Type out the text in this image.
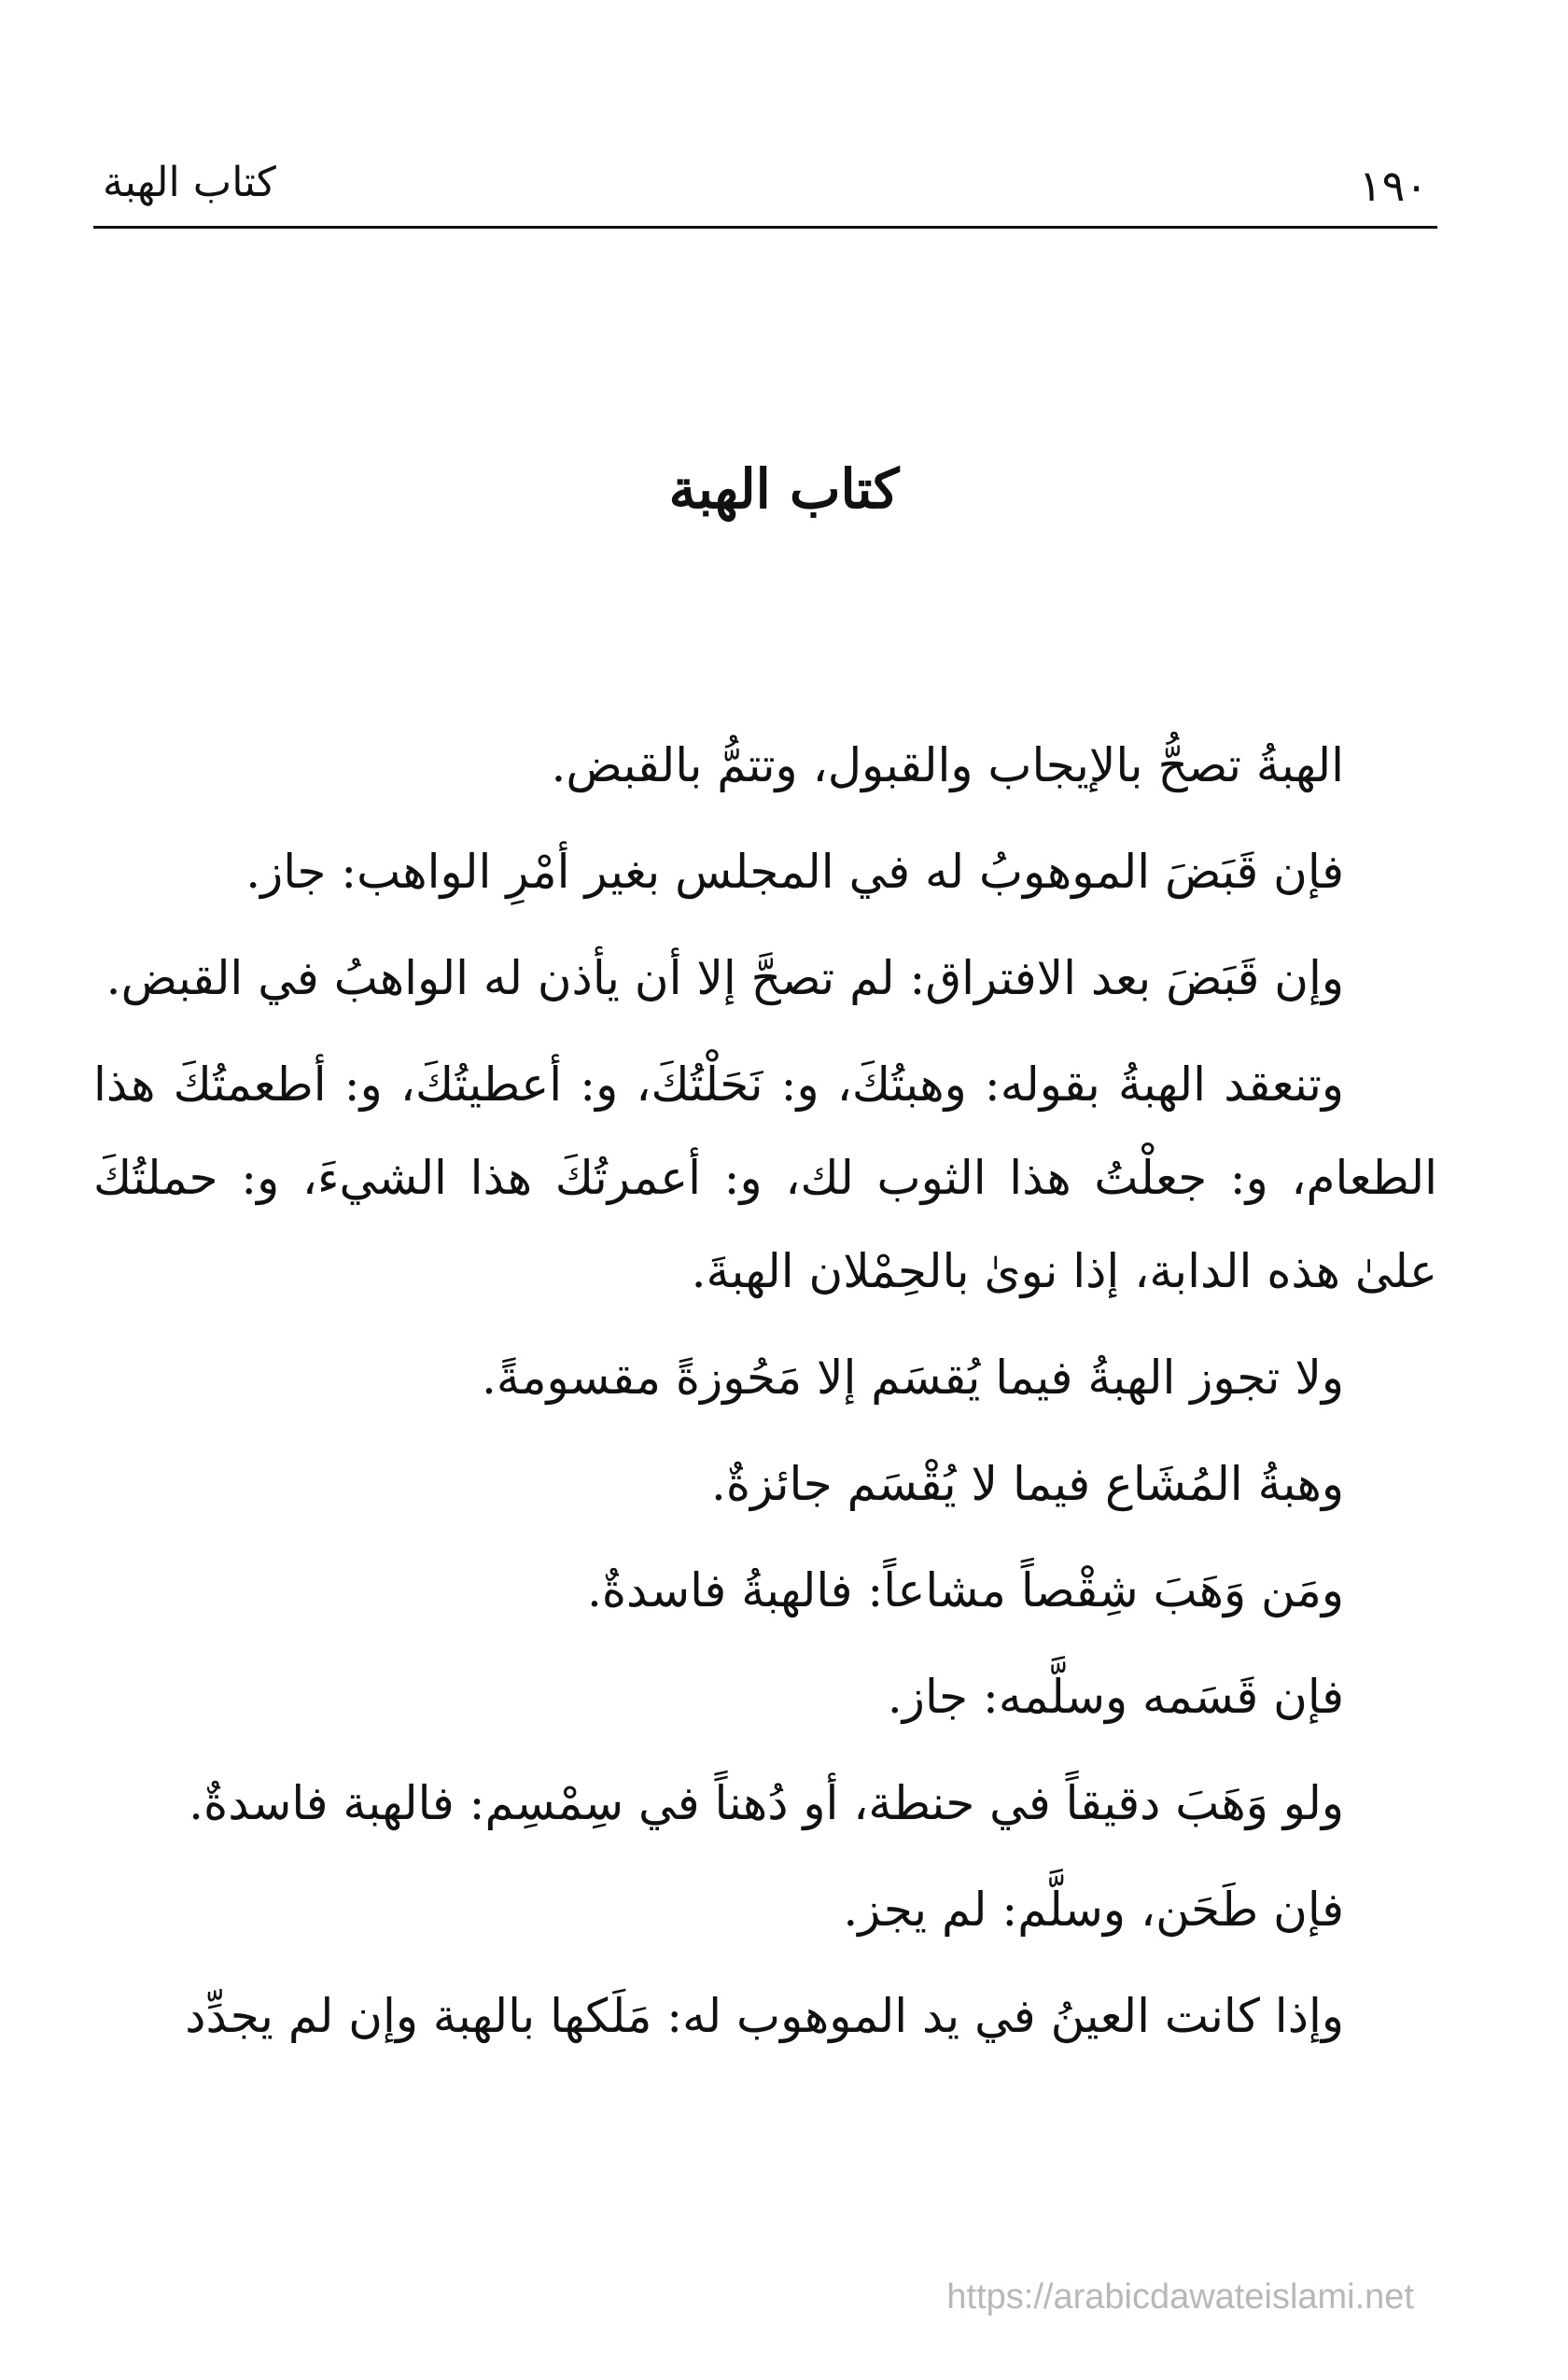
١٩٠
كتاب الهبة
كتاب الهبة

الهبةُ تصحُّ بالإيجاب والقبول، وتتمُّ بالقبض.

فإن قَبَضَ الموهوبُ له في المجلس بغير أمْرِ الواهب: جاز.

وإن قَبَضَ بعد الافتراق: لم تصحَّ إلا أن يأذن له الواهبُ في القبض.

وتنعقد الهبةُ بقوله: وهبتُكَ، و: نَحَلْتُكَ، و: أعطيتُكَ، و: أطعمتُكَ هذا الطعام، و: جعلْتُ هذا الثوب لك، و: أعمرتُكَ هذا الشيءَ، و: حملتُكَ علىٰ هذه الدابة، إذا نوىٰ بالحِمْلان الهبةَ.

ولا تجوز الهبةُ فيما يُقسَم إلا مَحُوزةً مقسومةً.

وهبةُ المُشَاع فيما لا يُقْسَم جائزةٌ.

ومَن وَهَبَ شِقْصاً مشاعاً: فالهبةُ فاسدةٌ.

فإن قَسَمه وسلَّمه: جاز.

ولو وَهَبَ دقيقاً في حنطة، أو دُهناً في سِمْسِم: فالهبة فاسدةٌ.

فإن طَحَن، وسلَّم: لم يجز.

وإذا كانت العينُ في يد الموهوب له: مَلَكها بالهبة وإن لم يجدِّد

https://arabicdawateislami.net
